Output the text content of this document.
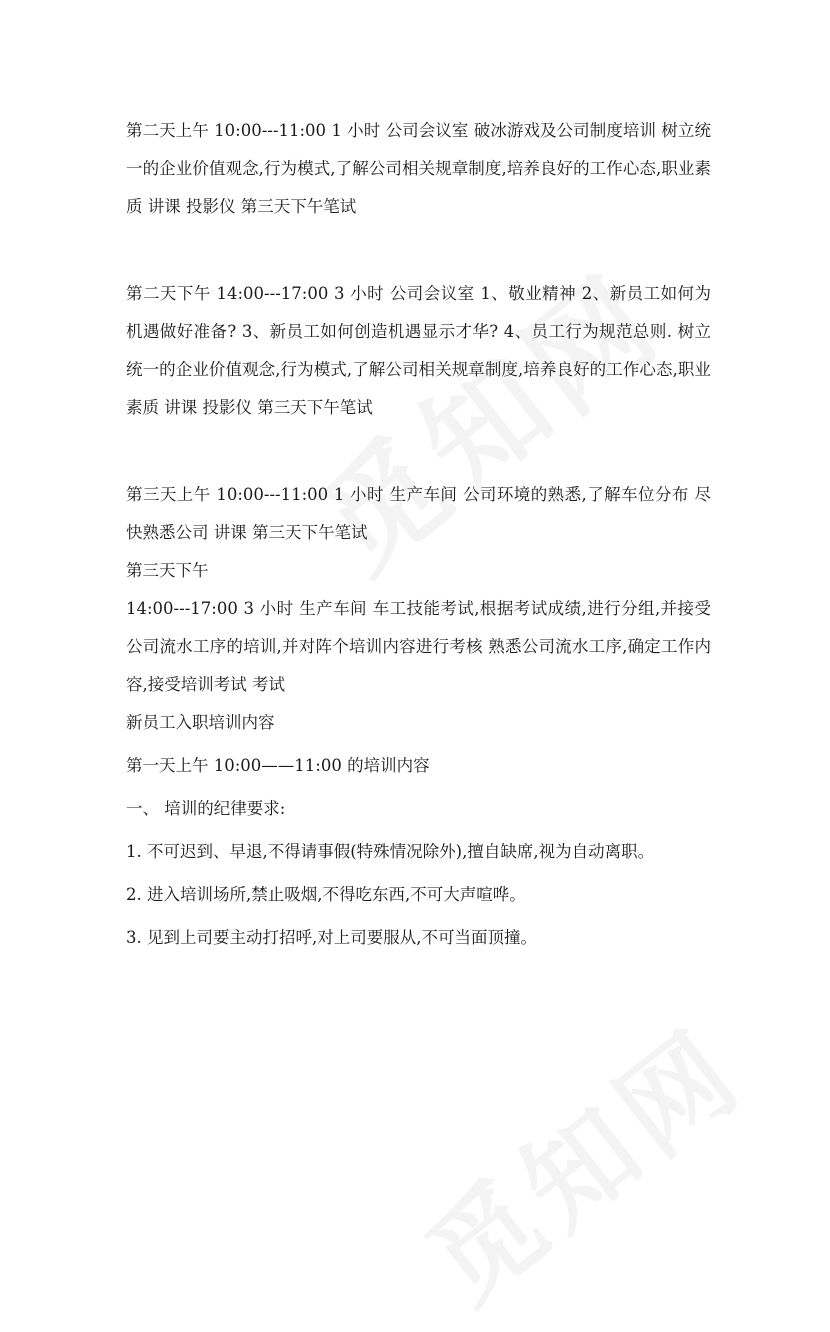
第二天上午 10:00---11:00 1 小时 公司会议室 破冰游戏及公司制度培训 树立统一的企业价值观念,行为模式,了解公司相关规章制度,培养良好的工作心态,职业素质 讲课 投影仪 第三天下午笔试

第二天下午 14:00---17:00 3 小时 公司会议室 1、敬业精神 2、新员工如何为机遇做好准备? 3、新员工如何创造机遇显示才华? 4、员工行为规范总则. 树立统一的企业价值观念,行为模式,了解公司相关规章制度,培养良好的工作心态,职业素质 讲课 投影仪 第三天下午笔试

第三天上午 10:00---11:00 1 小时 生产车间 公司环境的熟悉,了解车位分布 尽快熟悉公司 讲课 第三天下午笔试

第三天下午

14:00---17:00 3 小时 生产车间 车工技能考试,根据考试成绩,进行分组,并接受公司流水工序的培训,并对阵个培训内容进行考核 熟悉公司流水工序,确定工作内容,接受培训考试 考试

新员工入职培训内容

第一天上午 10:00——11:00 的培训内容

一、 培训的纪律要求:

1. 不可迟到、早退,不得请事假(特殊情况除外),擅自缺席,视为自动离职。

2. 进入培训场所,禁止吸烟,不得吃东西,不可大声喧哗。

3. 见到上司要主动打招呼,对上司要服从,不可当面顶撞。
